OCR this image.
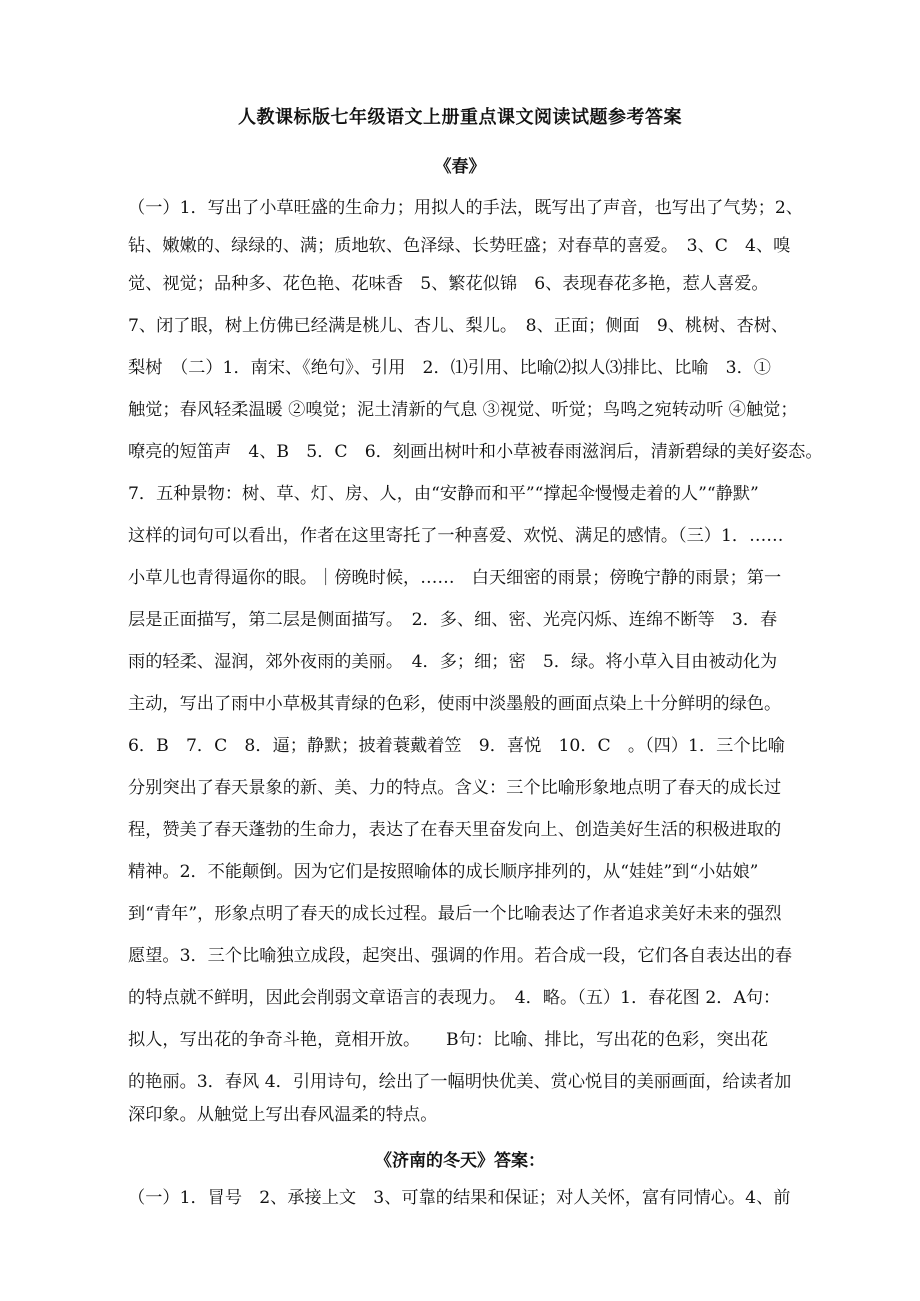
人教课标版七年级语文上册重点课文阅读试题参考答案
《春》
（一）1．写出了小草旺盛的生命力；用拟人的手法，既写出了声音，也写出了气势；2、
钻、嫩嫩的、绿绿的、满；质地软、色泽绿、长势旺盛；对春草的喜爱。　3、C　4、嗅
觉、视觉；品种多、花色艳、花味香　5、繁花似锦　6、表现春花多艳，惹人喜爱。
7、闭了眼，树上仿佛已经满是桃儿、杏儿、梨儿。　8、正面；侧面　9、桃树、杏树、
梨树　（二）1．南宋、《绝句》、引用　2．⑴引用、比喻⑵拟人⑶排比、比喻　3．①
触觉；春风轻柔温暖 ②嗅觉；泥土清新的气息 ③视觉、听觉；鸟鸣之宛转动听 ④触觉；
嘹亮的短笛声　4、B　5．C　6．刻画出树叶和小草被春雨滋润后，清新碧绿的美好姿态。
7．五种景物：树、草、灯、房、人，由“安静而和平”“撑起伞慢慢走着的人”“静默”
这样的词句可以看出，作者在这里寄托了一种喜爱、欢悦、满足的感情。（三）1．……
小草儿也青得逼你的眼。｜傍晚时候，……　白天细密的雨景；傍晚宁静的雨景；第一
层是正面描写，第二层是侧面描写。　2．多、细、密、光亮闪烁、连绵不断等　3．春
雨的轻柔、湿润，郊外夜雨的美丽。　4．多；细；密　5．绿。将小草入目由被动化为
主动，写出了雨中小草极其青绿的色彩，使雨中淡墨般的画面点染上十分鲜明的绿色。
6．B　7．C　8．逼；静默；披着蓑戴着笠　9．喜悦　10．C　。（四）1．三个比喻
分别突出了春天景象的新、美、力的特点。含义：三个比喻形象地点明了春天的成长过
程，赞美了春天蓬勃的生命力，表达了在春天里奋发向上、创造美好生活的积极进取的
精神。2．不能颠倒。因为它们是按照喻体的成长顺序排列的，从“娃娃”到“小姑娘”
到“青年”，形象点明了春天的成长过程。最后一个比喻表达了作者追求美好未来的强烈
愿望。3．三个比喻独立成段，起突出、强调的作用。若合成一段，它们各自表达出的春
的特点就不鲜明，因此会削弱文章语言的表现力。　4．略。（五）1．春花图 2．A句：
拟人，写出花的争奇斗艳，竟相开放。　　B句：比喻、排比，写出花的色彩，突出花
的艳丽。3．春风 4．引用诗句，绘出了一幅明快优美、赏心悦目的美丽画面，给读者加
深印象。从触觉上写出春风温柔的特点。
《济南的冬天》答案：
（一）1．冒号　2、承接上文　3、可靠的结果和保证；对人关怀，富有同情心。4、前
